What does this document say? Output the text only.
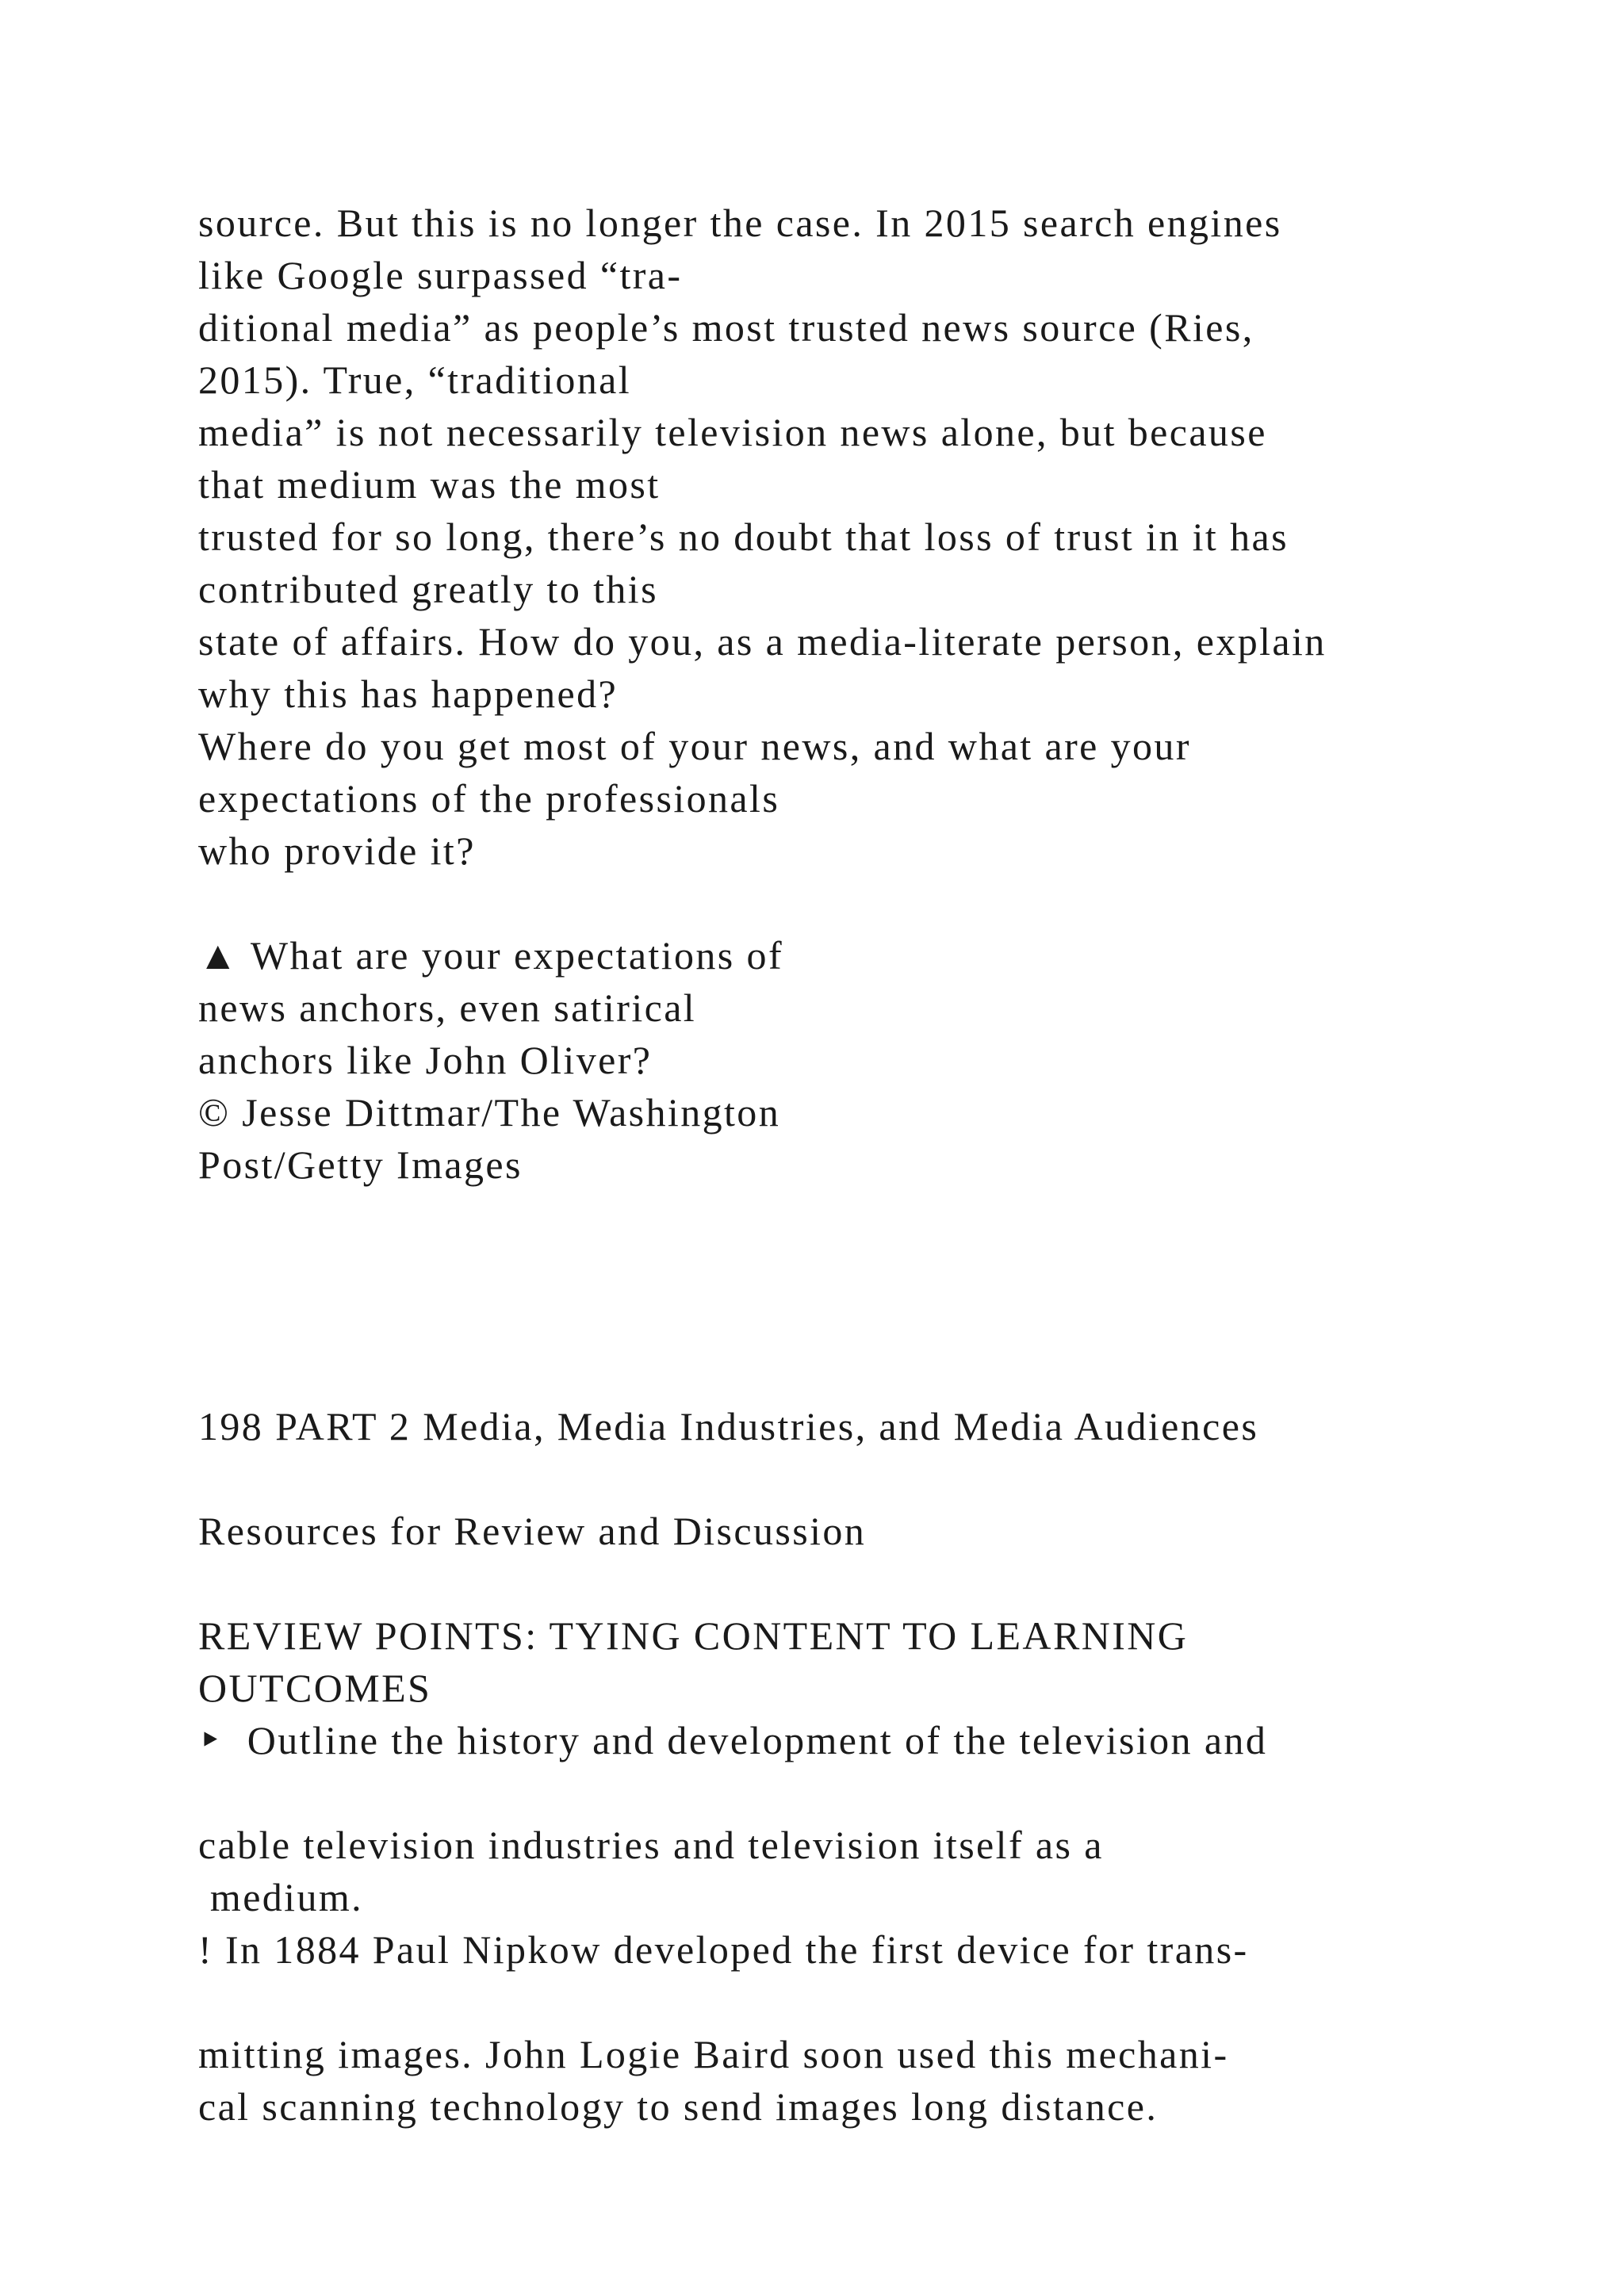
source. But this is no longer the case. In 2015 search engines
like Google surpassed “tra-
ditional media” as people’s most trusted news source (Ries,
2015). True, “traditional
media” is not necessarily television news alone, but because
that medium was the most
trusted for so long, there’s no doubt that loss of trust in it has
contributed greatly to this
state of affairs. How do you, as a media-literate person, explain
why this has happened?
Where do you get most of your news, and what are your
expectations of the professionals
who provide it?
▲ What are your expectations of
news anchors, even satirical
anchors like John Oliver?
© Jesse Dittmar/The Washington
Post/Getty Images
198 PART 2 Media, Media Industries, and Media Audiences
Resources for Review and Discussion
REVIEW POINTS: TYING CONTENT TO LEARNING
OUTCOMES
‣  Outline the history and development of the television and
cable television industries and television itself as a
medium.
! In 1884 Paul Nipkow developed the first device for trans-
mitting images. John Logie Baird soon used this mechani-
cal scanning technology to send images long distance.
